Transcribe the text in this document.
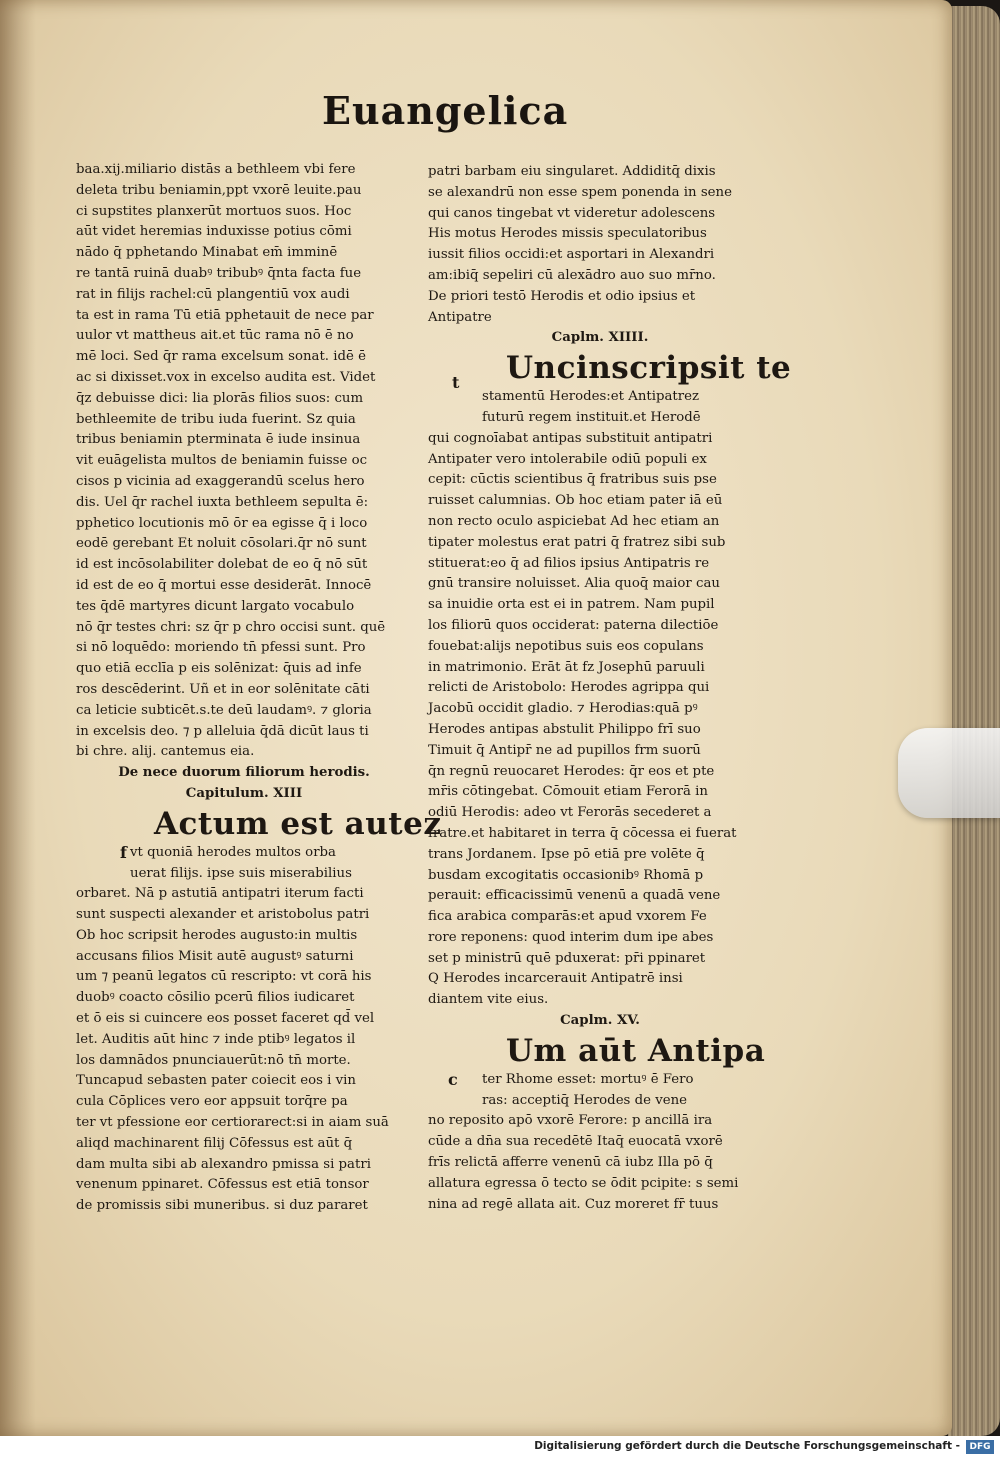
Euangelica
baa.xij.miliario distās a bethleem vbi fere
deleta tribu beniamin,ppt vxorē leuite.pau
ci supstites planxerūt mortuos suos. Hoc
aūt videt heremias induxisse potius cōmi
nādo q̄ pphetando Minabat em̄ imminē
re tantā ruinā duabꝰ tribubꝰ q̄nta facta fue
rat in filijs rachel:cū plangentiū vox audi
ta est in rama Tū etiā pphetauit de nece par
uulor vt mattheus ait.et tūc rama nō ē no
mē loci. Sed q̄r rama excelsum sonat. idē ē
ac si dixisset.vox in excelso audita est. Videt
q̄z debuisse dici: lia plorās filios suos: cum
bethleemite de tribu iuda fuerint. Sz quia
tribus beniamin pterminata ē iude insinua
vit euāgelista multos de beniamin fuisse oc
cisos p vicinia ad exaggerandū scelus hero
dis. Uel q̄r rachel iuxta bethleem sepulta ē:
pphetico locutionis mō ōr ea egisse q̄ i loco
eodē gerebant Et noluit cōsolari.q̄r nō sunt
id est incōsolabiliter dolebat de eo q̄ nō sūt
id est de eo q̄ mortui esse desiderāt. Innocē
tes q̄dē martyres dicunt largato vocabulo
nō q̄r testes chri: sz q̄r p chro occisi sunt. quē
si nō loquēdo: moriendo tn̄ pfessi sunt. Pro
quo etiā ecclīa p eis solēnizat: q̄uis ad infe
ros descēderint. Uñ et in eor solēnitate cāti
ca leticie subticēt.s.te deū laudamꝰ. ⁊ gloria
in excelsis deo. ⁊ p alleluia q̄dā dicūt laus ti
bi chre. alij. cantemus eia.
De nece duorum filiorum herodis.
Capitulum. XIII
Actum est autez
f vt quoniā herodes multos orba
uerat filijs. ipse suis miserabilius
orbaret. Nā p astutiā antipatri iterum facti
sunt suspecti alexander et aristobolus patri
Ob hoc scripsit herodes augusto:in multis
accusans filios Misit autē augustꝰ saturni
um ⁊ peanū legatos cū rescripto: vt corā his
duobꝰ coacto cōsilio pcerū filios iudicaret
et ō eis si cuincere eos posset faceret qd̄ vel
let. Auditis aūt hinc ⁊ inde ptibꝰ legatos il
los damnādos pnunciauerūt:nō tn̄ morte.
Tuncapud sebasten pater coiecit eos i vin
cula Cōplices vero eor appsuit torq̄re pa
ter vt pfessione eor certiorarect:si in aiam suā
aliqd machinarent filij Cōfessus est aūt q̄
dam multa sibi ab alexandro pmissa si patri
venenum ppinaret. Cōfessus est etiā tonsor
de promissis sibi muneribus. si duz pararet
patri barbam eiu singularet. Addiditq̄ dixis
se alexandrū non esse spem ponenda in sene
qui canos tingebat vt videretur adolescens
His motus Herodes missis speculatoribus
iussit filios occidi:et asportari in Alexandri
am:ibiq̄ sepeliri cū alexādro auo suo mr̄no.
De priori testō Herodis et odio ipsius et
Antipatre
Caplm. XIIII.
Uncinscripsit te
t
stamentū Herodes:et Antipatrez
futurū regem instituit.et Herodē
qui cognoīabat antipas substituit antipatri
Antipater vero intolerabile odiū populi ex
cepit: cūctis scientibus q̄ fratribus suis pse
ruisset calumnias. Ob hoc etiam pater iā eū
non recto oculo aspiciebat Ad hec etiam an
tipater molestus erat patri q̄ fratrez sibi sub
stituerat:eo q̄ ad filios ipsius Antipatris re
gnū transire noluisset. Alia quoq̄ maior cau
sa inuidie orta est ei in patrem. Nam pupil
los filiorū quos occiderat: paterna dilectiōe
fouebat:alijs nepotibus suis eos copulans
in matrimonio. Erāt āt fz Josephū paruuli
relicti de Aristobolo: Herodes agrippa qui
Jacobū occidit gladio. ⁊ Herodias:quā pꝰ
Herodes antipas abstulit Philippo frī suo
Timuit q̄ Antipr̄ ne ad pupillos frm suorū
q̄n regnū reuocaret Herodes: q̄r eos et pte
mr̄is cōtingebat. Cōmouit etiam Ferorā in
odiū Herodis: adeo vt Ferorās secederet a
fratre.et habitaret in terra q̄ cōcessa ei fuerat
trans Jordanem. Ipse pō etiā pre volēte q̄
busdam excogitatis occasionibꝰ Rhomā p
perauit: efficacissimū venenū a quadā vene
fica arabica comparās:et apud vxorem Fe
rore reponens: quod interim dum ipe abes
set p ministrū quē pduxerat: pr̄i ppinaret
Q Herodes incarcerauit Antipatrē insi
diantem vite eius.
Caplm. XV.
Um aūt Antipa
c	ter Rhome esset: mortuꝰ ē Fero
ras: acceptiq̄ Herodes de vene
no reposito apō vxorē Ferore: p ancillā ira
cūde a dn̄a sua recedētē Itaq̄ euocatā vxorē
frīs relictā afferre venenū cā iubz Illa pō q̄
allatura egressa ō tecto se ōdit pcipite: s semi
nina ad regē allata ait. Cuz moreret fr̄ tuus
Digitalisierung gefördert durch die Deutsche Forschungsgemeinschaft -	DFG
